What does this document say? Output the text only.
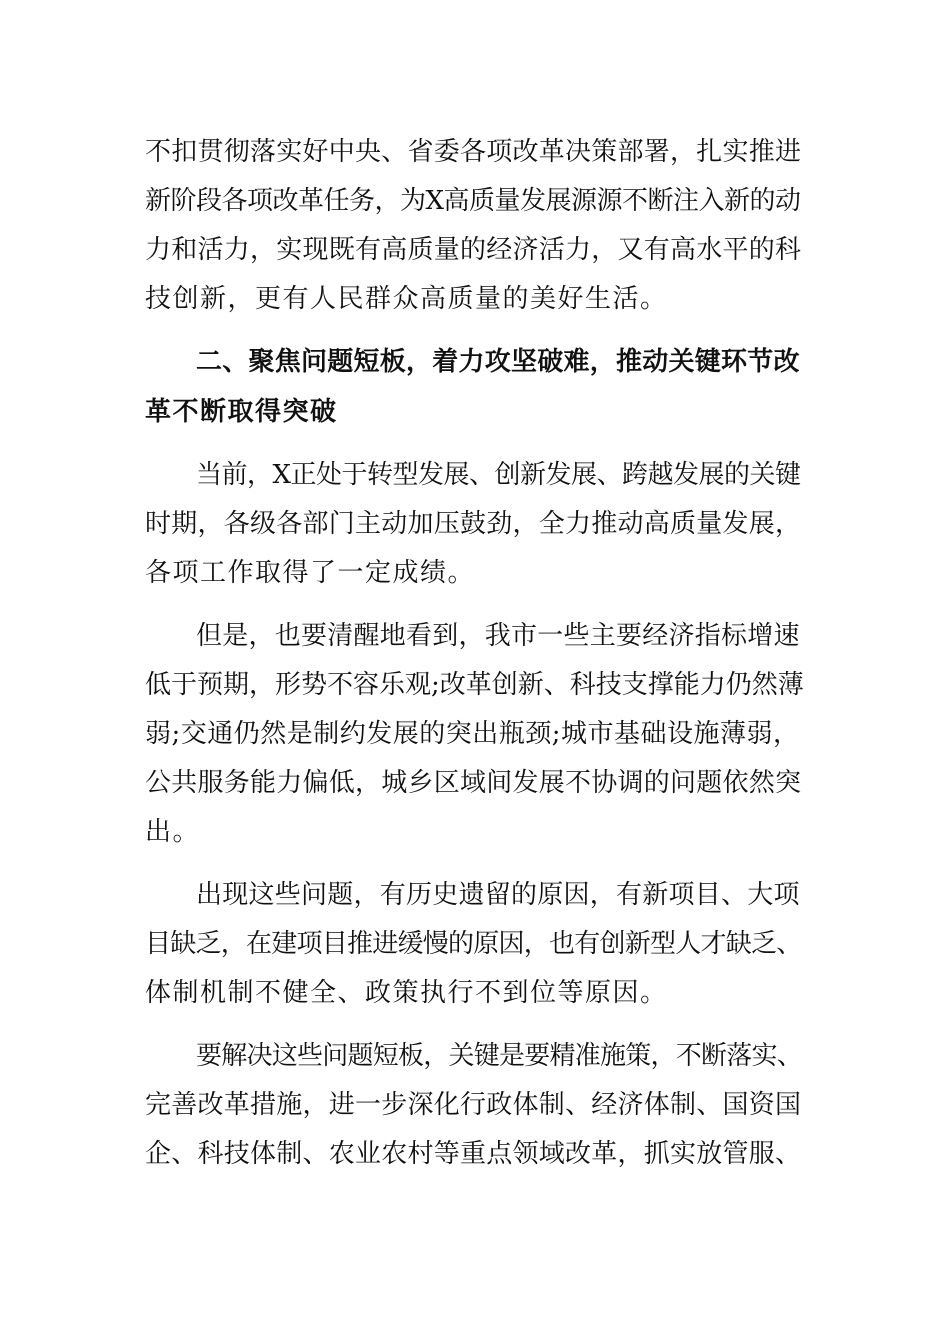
不扣贯彻落实好中央、省委各项改革决策部署，扎实推进
新阶段各项改革任务，为X高质量发展源源不断注入新的动
力和活力，实现既有高质量的经济活力，又有高水平的科
技创新，更有人民群众高质量的美好生活。
二、聚焦问题短板，着力攻坚破难，推动关键环节改
革不断取得突破
当前，X正处于转型发展、创新发展、跨越发展的关键
时期，各级各部门主动加压鼓劲，全力推动高质量发展，
各项工作取得了一定成绩。
但是，也要清醒地看到，我市一些主要经济指标增速
低于预期，形势不容乐观;改革创新、科技支撑能力仍然薄
弱;交通仍然是制约发展的突出瓶颈;城市基础设施薄弱，
公共服务能力偏低，城乡区域间发展不协调的问题依然突
出。
出现这些问题，有历史遗留的原因，有新项目、大项
目缺乏，在建项目推进缓慢的原因，也有创新型人才缺乏、
体制机制不健全、政策执行不到位等原因。
要解决这些问题短板，关键是要精准施策，不断落实、
完善改革措施，进一步深化行政体制、经济体制、国资国
企、科技体制、农业农村等重点领域改革，抓实放管服、
